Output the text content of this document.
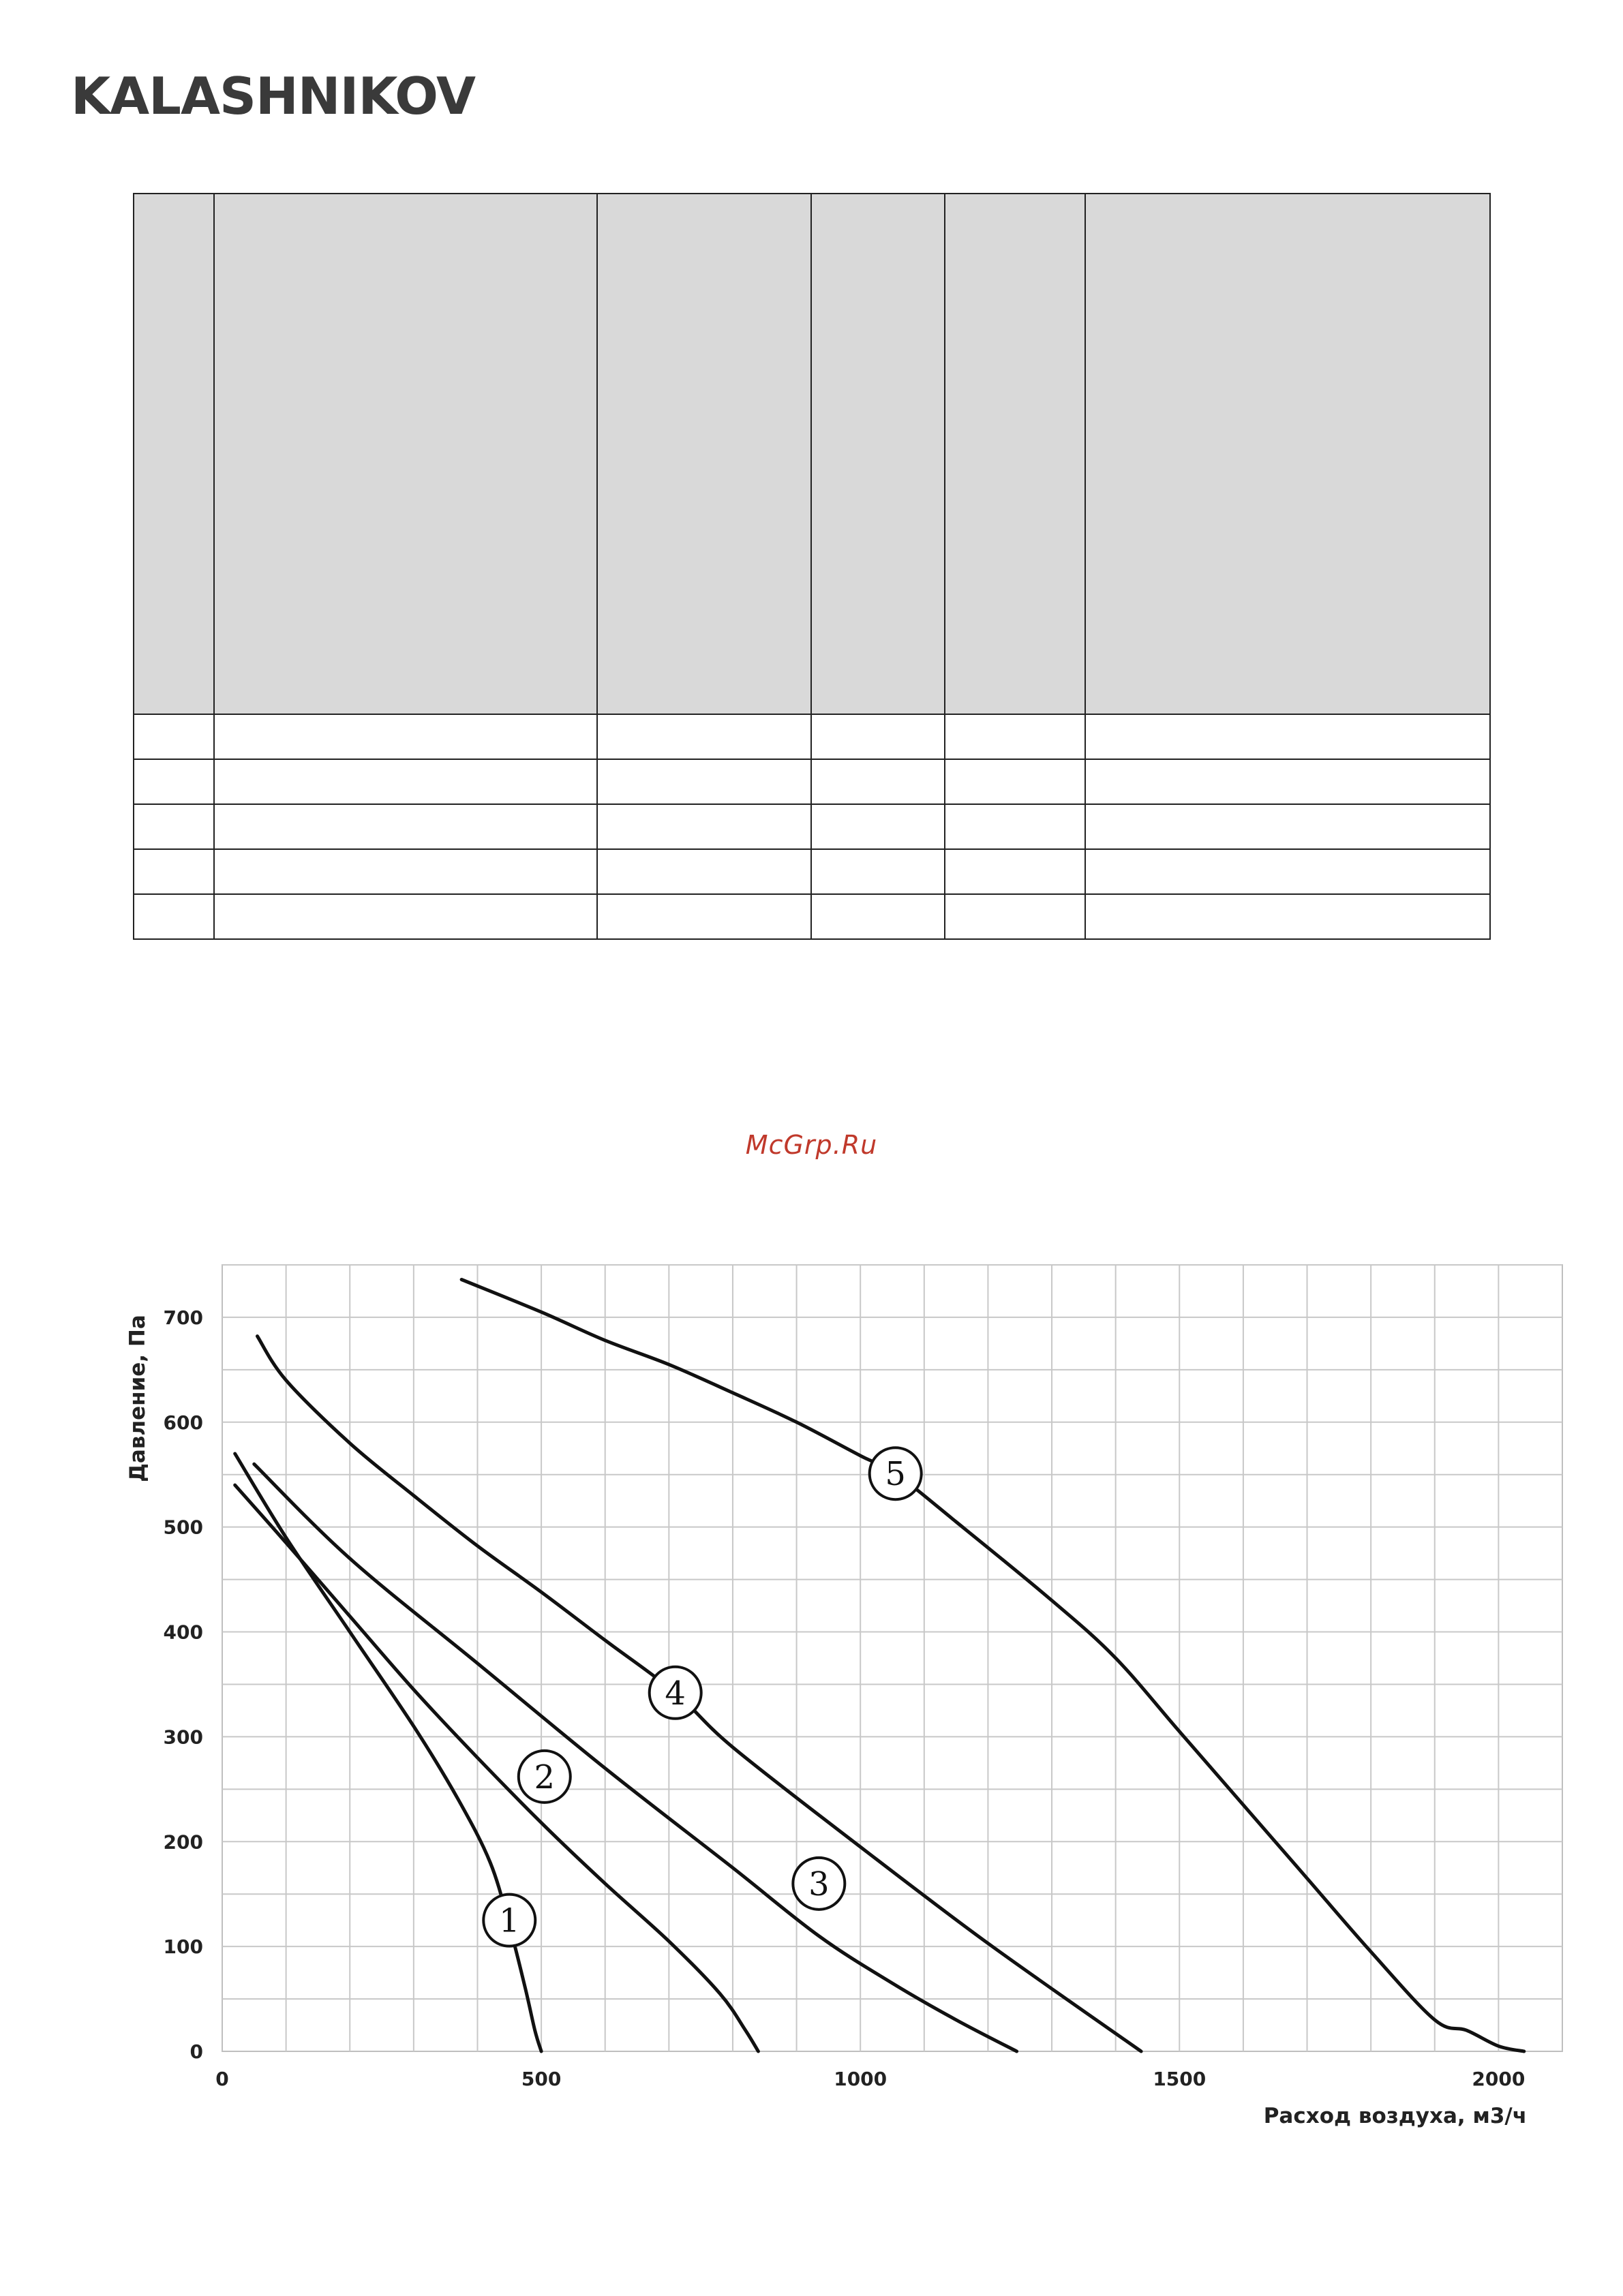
KALASHNIKOV

McGrp.Ru
1
2
3
4
5
0	500	1000	1500	2000
0
100
200
300
400
500
600
700
Расход воздуха, м3/ч
Давление, Па
